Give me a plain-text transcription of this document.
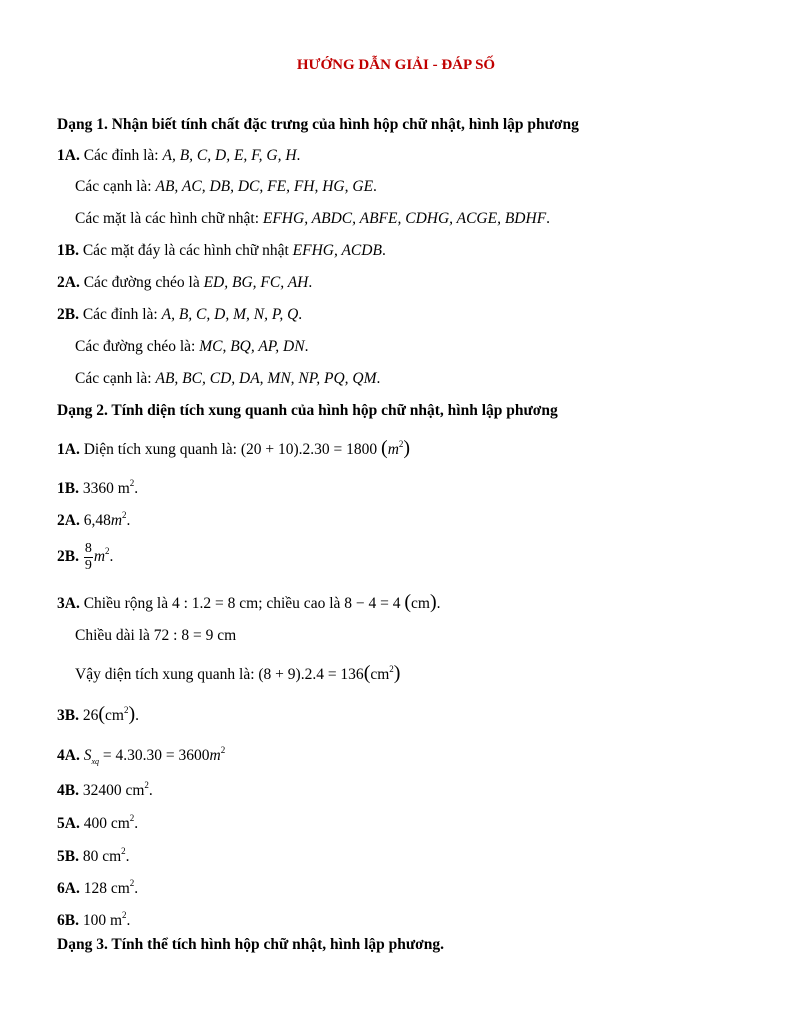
HƯỚNG DẪN GIẢI - ĐÁP SỐ
Dạng 1. Nhận biết tính chất đặc trưng của hình hộp chữ nhật, hình lập phương
1A. Các đỉnh là: A, B, C, D, E, F, G, H.
Các cạnh là: AB, AC, DB, DC, FE, FH, HG, GE.
Các mặt là các hình chữ nhật: EFHG, ABDC, ABFE, CDHG, ACGE, BDHF.
1B. Các mặt đáy là các hình chữ nhật EFHG, ACDB.
2A. Các đường chéo là ED, BG, FC, AH.
2B. Các đỉnh là: A, B, C, D, M, N, P, Q.
Các đường chéo là: MC, BQ, AP, DN.
Các cạnh là: AB, BC, CD, DA, MN, NP, PQ, QM.
Dạng 2. Tính diện tích xung quanh của hình hộp chữ nhật, hình lập phương
1A. Diện tích xung quanh là: (20 + 10).2.30 = 1800 $(m^2)$
1B. 3360 $m^2$.
2A. $6,48m^2$.
2B. $\frac{8}{9} m^2$.
3A. Chiều rộng là 4 : 1.2 = 8 cm; chiều cao là 8 − 4 = 4 (cm).
Chiều dài là 72 : 8 = 9 cm
Vậy diện tích xung quanh là: $(8 + 9).2.4 = 136(cm^2)$
3B. $26(cm^2)$.
4A. $S_{xq} = 4.30.30 = 3600m^2$
4B. 32400 $cm^2$.
5A. 400 $cm^2$.
5B. 80 $cm^2$.
6A. 128 $cm^2$.
6B. 100 $m^2$.
Dạng 3. Tính thể tích hình hộp chữ nhật, hình lập phương.
